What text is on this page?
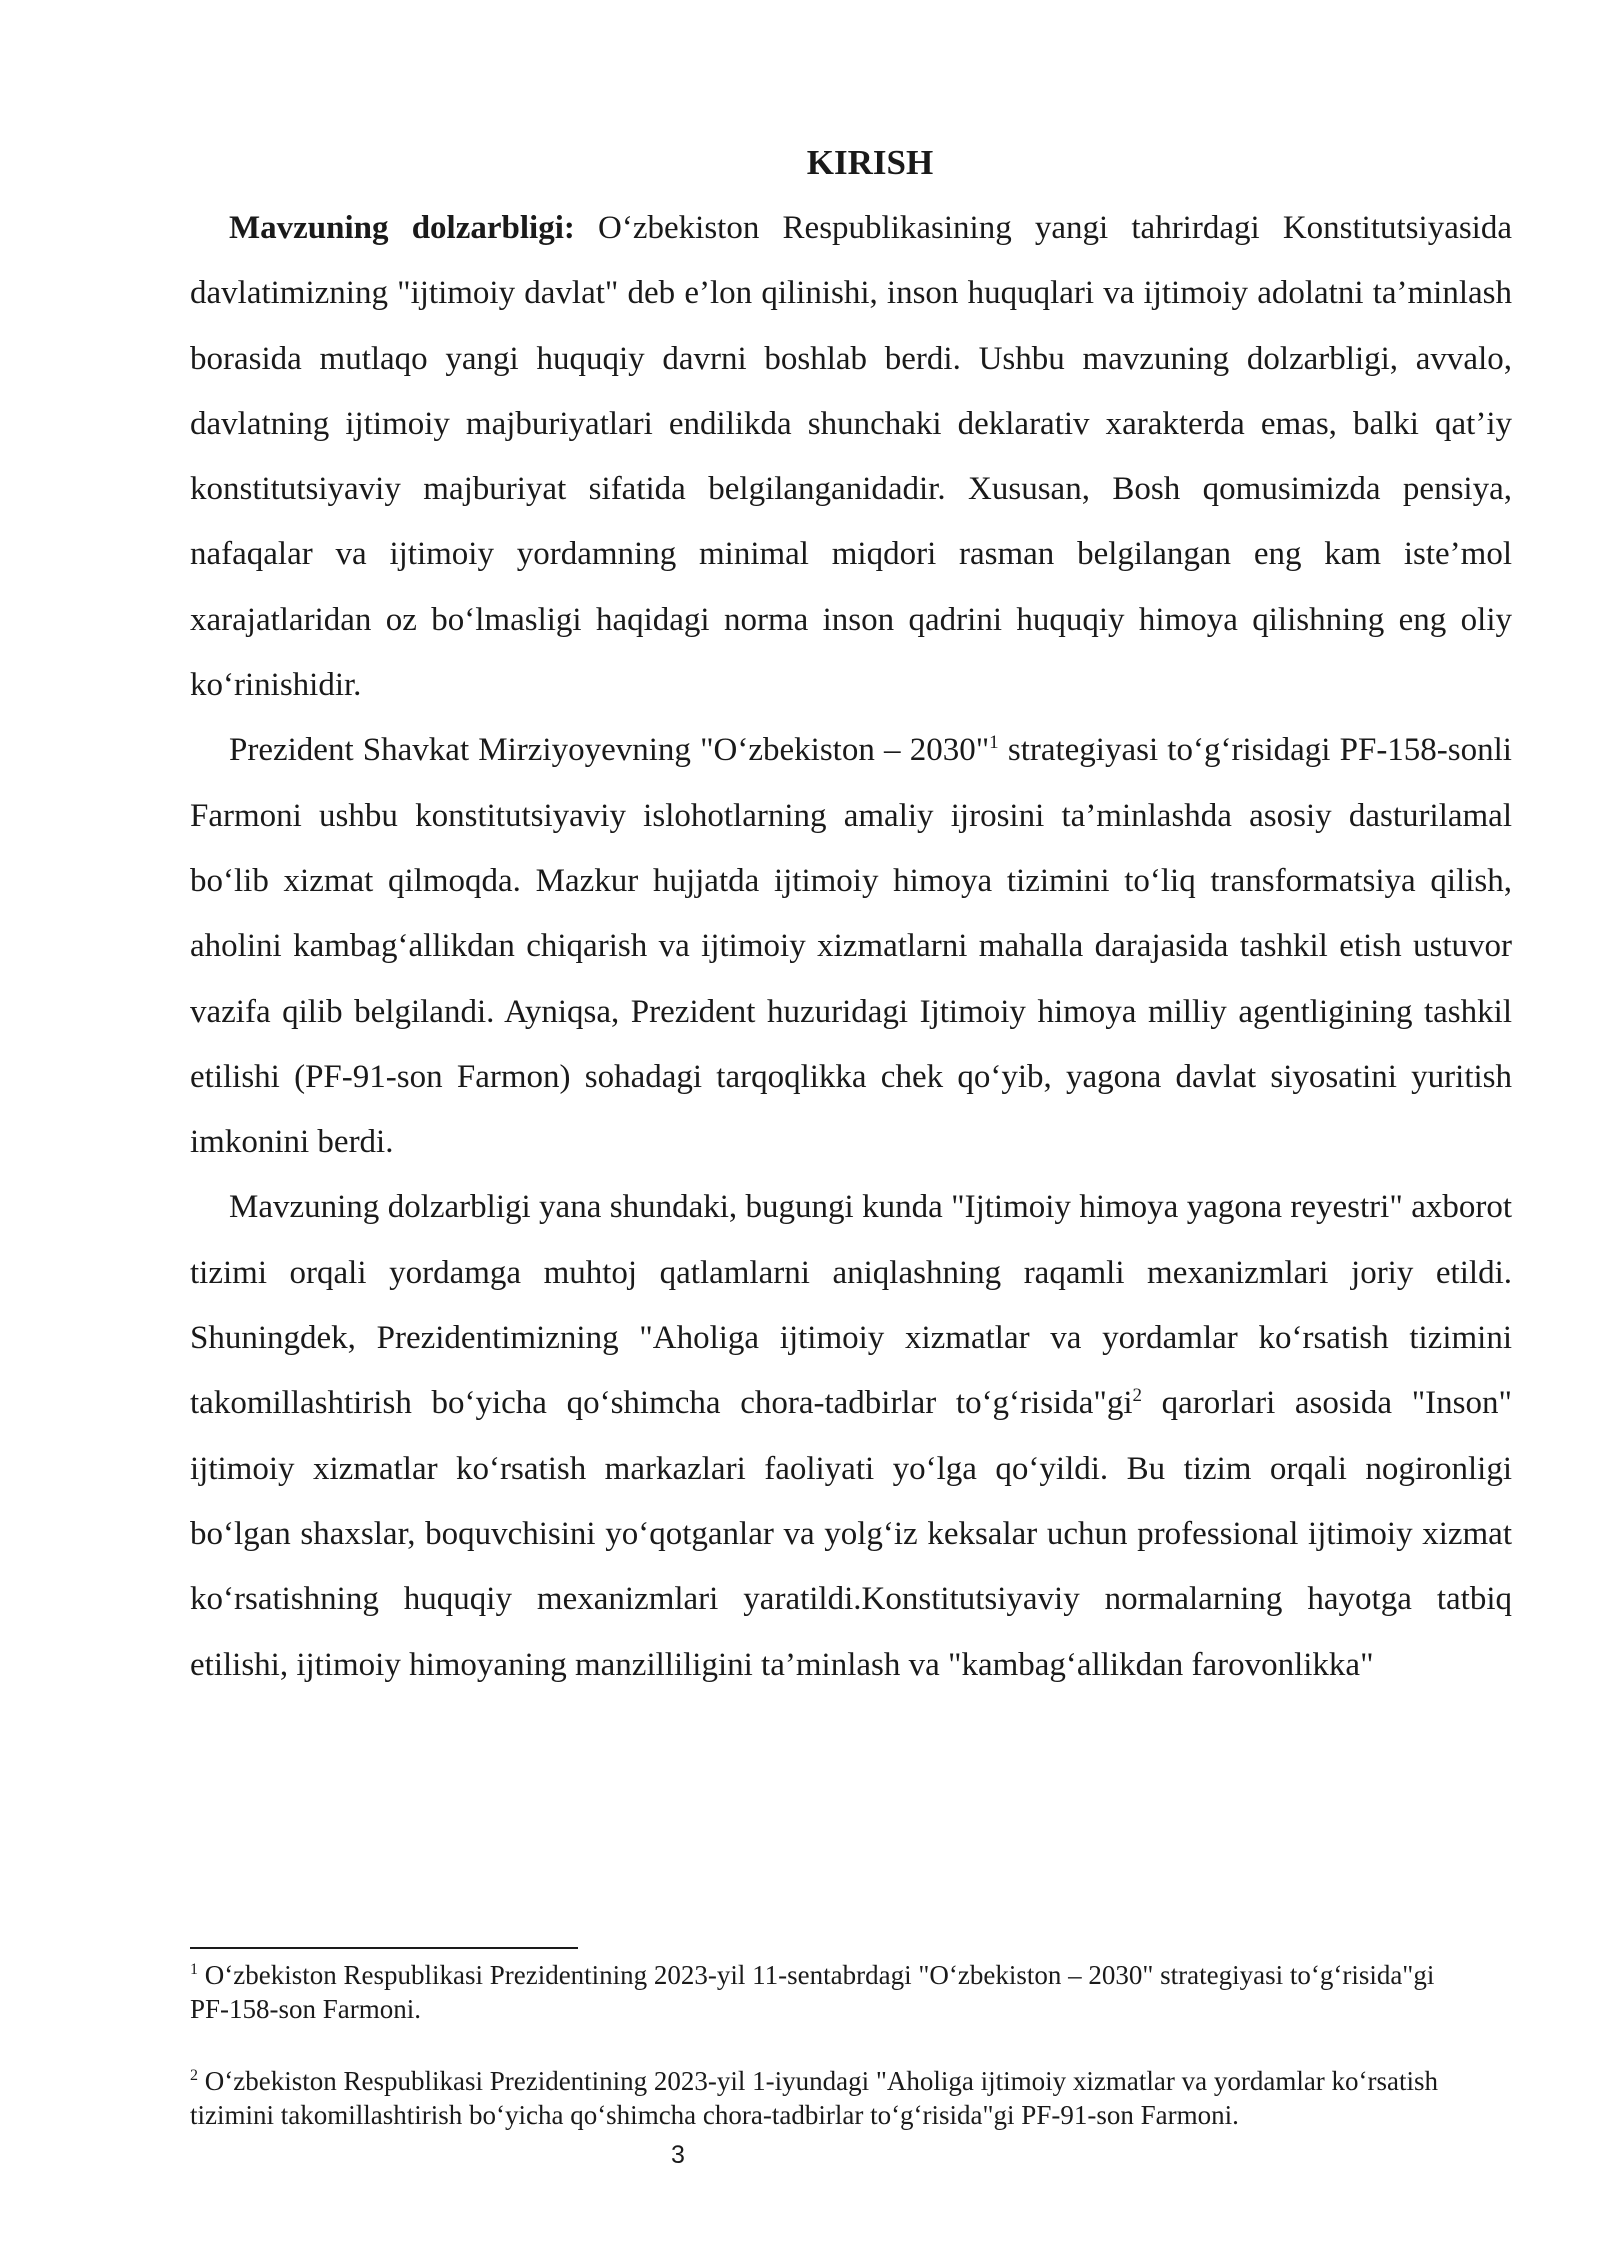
KIRISH

Mavzuning dolzarbligi: O‘zbekiston Respublikasining yangi tahrirdagi Konstitutsiyasida davlatimizning "ijtimoiy davlat" deb e’lon qilinishi, inson huquqlari va ijtimoiy adolatni ta’minlash borasida mutlaqo yangi huquqiy davrni boshlab berdi. Ushbu mavzuning dolzarbligi, avvalo, davlatning ijtimoiy majburiyatlari endilikda shunchaki deklarativ xarakterda emas, balki qat’iy konstitutsiyaviy majburiyat sifatida belgilanganidadir. Xususan, Bosh qomusimizda pensiya, nafaqalar va ijtimoiy yordamning minimal miqdori rasman belgilangan eng kam iste’mol xarajatlaridan oz bo‘lmasligi haqidagi norma inson qadrini huquqiy himoya qilishning eng oliy ko‘rinishidir.

Prezident Shavkat Mirziyoyevning "O‘zbekiston – 2030"$^1$ strategiyasi to‘g‘risidagi PF-158-sonli Farmoni ushbu konstitutsiyaviy islohotlarning amaliy ijrosini ta’minlashda asosiy dasturilamal bo‘lib xizmat qilmoqda. Mazkur hujjatda ijtimoiy himoya tizimini to‘liq transformatsiya qilish, aholini kambag‘allikdan chiqarish va ijtimoiy xizmatlarni mahalla darajasida tashkil etish ustuvor vazifa qilib belgilandi. Ayniqsa, Prezident huzuridagi Ijtimoiy himoya milliy agentligining tashkil etilishi (PF-91-son Farmon) sohadagi tarqoqlikka chek qo‘yib, yagona davlat siyosatini yuritish imkonini berdi.

Mavzuning dolzarbligi yana shundaki, bugungi kunda "Ijtimoiy himoya yagona reyestri" axborot tizimi orqali yordamga muhtoj qatlamlarni aniqlashning raqamli mexanizmlari joriy etildi. Shuningdek, Prezidentimizning "Aholiga ijtimoiy xizmatlar va yordamlar ko‘rsatish tizimini takomillashtirish bo‘yicha qo‘shimcha chora-tadbirlar $to‘g‘risida"gi^2$ qarorlari asosida "Inson" ijtimoiy xizmatlar ko‘rsatish markazlari faoliyati yo‘lga qo‘yildi. Bu tizim orqali nogironligi bo‘lgan shaxslar, boquvchisini yo‘qotganlar va yolg‘iz keksalar uchun professional ijtimoiy xizmat ko‘rsatishning huquqiy mexanizmlari yaratildi.Konstitutsiyaviy normalarning hayotga tatbiq etilishi, ijtimoiy himoyaning manzilliligini ta’minlash va "kambag‘allikdan farovonlikka"

$^1$ O‘zbekiston Respublikasi Prezidentining 2023-yil 11-sentabrdagi "O‘zbekiston – 2030" strategiyasi to‘g‘risida"gi PF-158-son Farmoni.

$^2$ O‘zbekiston Respublikasi Prezidentining 2023-yil 1-iyundagi "Aholiga ijtimoiy xizmatlar va yordamlar ko‘rsatish tizimini takomillashtirish bo‘yicha qo‘shimcha chora-tadbirlar to‘g‘risida"gi PF-91-son Farmoni.

3
